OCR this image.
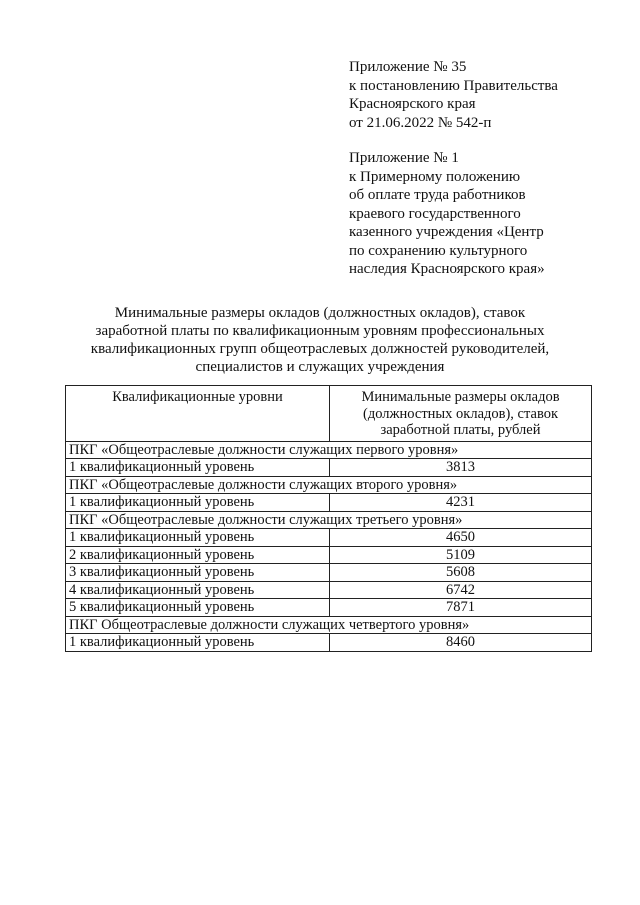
Приложение № 35
к постановлению Правительства
Красноярского края
от 21.06.2022 № 542-п
Приложение № 1
к Примерному положению
об оплате труда работников
краевого государственного
казенного учреждения «Центр
по сохранению культурного
наследия Красноярского края»
Минимальные размеры окладов (должностных окладов), ставок
заработной платы по квалификационным уровням профессиональных
квалификационных групп общеотраслевых должностей руководителей,
специалистов и служащих учреждения
Квалификационные уровни	Минимальные размеры окладов
(должностных окладов), ставок
заработной платы, рублей

ПКГ «Общеотраслевые должности служащих первого уровня»	
1 квалификационный уровень	3813
ПКГ «Общеотраслевые должности служащих второго уровня»	
1 квалификационный уровень	4231
ПКГ «Общеотраслевые должности служащих третьего уровня»	
1 квалификационный уровень	4650
2 квалификационный уровень	5109
3 квалификационный уровень	5608
4 квалификационный уровень	6742
5 квалификационный уровень	7871
ПКГ Общеотраслевые должности служащих четвертого уровня»	
1 квалификационный уровень	8460
